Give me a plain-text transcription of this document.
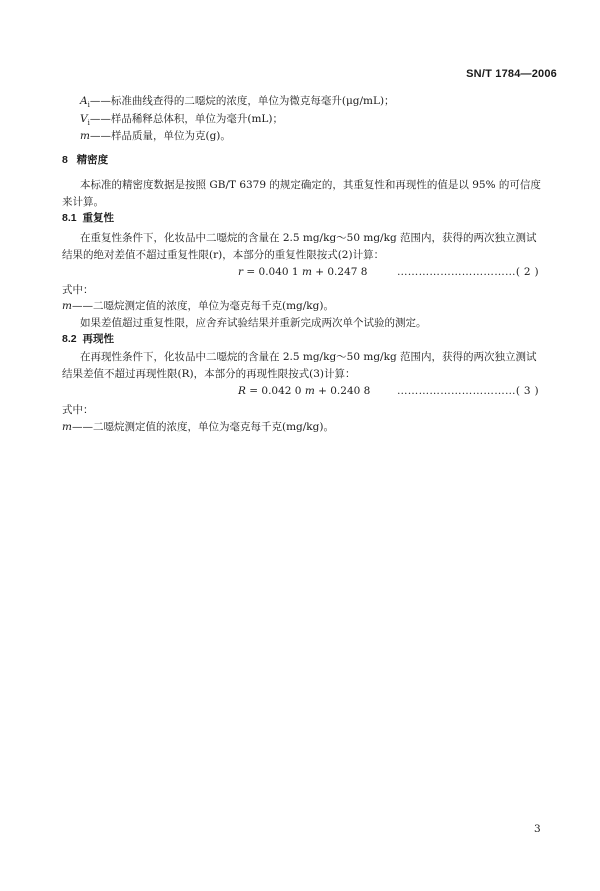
SN/T 1784—2006
$A_i——$标准曲线查得的二噁烷的浓度，单位为微克每毫升(μg/mL)；
$V_i——$样品稀释总体积，单位为毫升(mL)；
m——样品质量，单位为克(g)。
8 精密度
本标准的精密度数据是按照 GB/T 6379 的规定确定的，其重复性和再现性的值是以 95% 的可信度
来计算。
8.1 重复性
在重复性条件下，化妆品中二噁烷的含量在 2.5 mg/kg～50 mg/kg 范围内，获得的两次独立测试
结果的绝对差值不超过重复性限(r)，本部分的重复性限按式(2)计算：
r = 0.040 1 m + 0.247 8	……………………………( 2 )
式中：
m——二噁烷测定值的浓度，单位为毫克每千克(mg/kg)。
如果差值超过重复性限，应舍弃试验结果并重新完成两次单个试验的测定。
8.2 再现性
在再现性条件下，化妆品中二噁烷的含量在 2.5 mg/kg～50 mg/kg 范围内，获得的两次独立测试
结果差值不超过再现性限(R)，本部分的再现性限按式(3)计算：
R = 0.042 0 m + 0.240 8	……………………………( 3 )
式中：
m——二噁烷测定值的浓度，单位为毫克每千克(mg/kg)。
3
